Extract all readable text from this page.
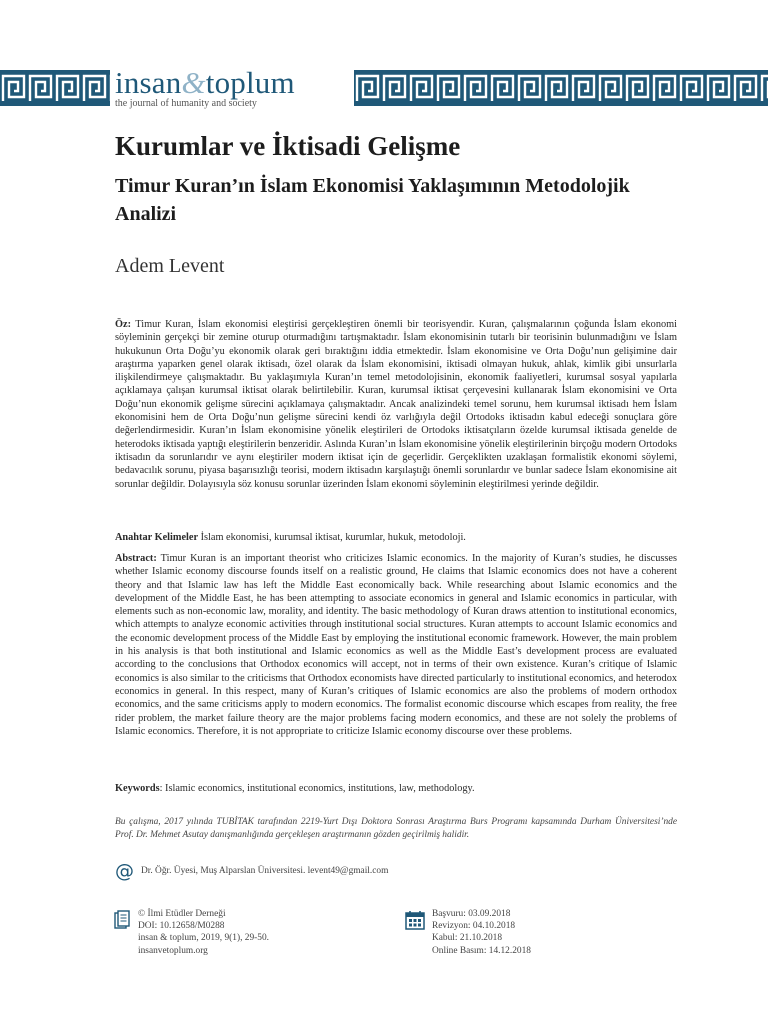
insan&toplum
the journal of humanity and society
Kurumlar ve İktisadi Gelişme
Timur Kuran’ın İslam Ekonomisi Yaklaşımının Metodolojik Analizi
Adem Levent

Öz: Timur Kuran, İslam ekonomisi eleştirisi gerçekleştiren önemli bir teorisyendir. Kuran, çalışmalarının çoğunda İslam ekonomi söyleminin gerçekçi bir zemine oturup oturmadığını tartışmaktadır. İslam ekonomisinin tutarlı bir teorisinin bulunmadığını ve İslam hukukunun Orta Doğu’yu ekonomik olarak geri bıraktığını iddia etmektedir. İslam ekonomisine ve Orta Doğu’nun gelişimine dair araştırma yaparken genel olarak iktisadı, özel olarak da İslam ekonomisini, iktisadi olmayan hukuk, ahlak, kimlik gibi unsurlarla ilişkilendirmeye çalışmaktadır. Bu yaklaşımıyla Kuran’ın temel metodolojisinin, ekonomik faaliyetleri, kurumsal sosyal yapılarla açıklamaya çalışan kurumsal iktisat olarak belirtilebilir. Kuran, kurumsal iktisat çerçevesini kullanarak İslam ekonomisini ve Orta Doğu’nun ekonomik gelişme sürecini açıklamaya çalışmaktadır. Ancak analizindeki temel sorunu, hem kurumsal iktisadı hem İslam ekonomisini hem de Orta Doğu’nun gelişme sürecini kendi öz varlığıyla değil Ortodoks iktisadın kabul edeceği sonuçlara göre değerlendirmesidir. Kuran’ın İslam ekonomisine yönelik eleştirileri de Ortodoks iktisatçıların özelde kurumsal iktisada genelde de heterodoks iktisada yaptığı eleştirilerin benzeridir. Aslında Kuran’ın İslam ekonomisine yönelik eleştirilerinin birçoğu modern Ortodoks iktisadın da sorunlarıdır ve aynı eleştiriler modern iktisat için de geçerlidir. Gerçeklikten uzaklaşan formalistik ekonomi söylemi, bedavacılık sorunu, piyasa başarısızlığı teorisi, modern iktisadın karşılaştığı önemli sorunlardır ve bunlar sadece İslam ekonomisine ait sorunlar değildir. Dolayısıyla söz konusu sorunlar üzerinden İslam ekonomi söyleminin eleştirilmesi yerinde değildir.

Anahtar Kelimeler İslam ekonomisi, kurumsal iktisat, kurumlar, hukuk, metodoloji.

Abstract: Timur Kuran is an important theorist who criticizes Islamic economics. In the majority of Kuran’s studies, he discusses whether Islamic economy discourse founds itself on a realistic ground, He claims that Islamic economics does not have a coherent theory and that Islamic law has left the Middle East economically back. While researching about Islamic economics and the development of the Middle East, he has been attempting to associate economics in general and Islamic economics in particular, with elements such as non-economic law, morality, and identity. The basic methodology of Kuran draws attention to institutional economics, which attempts to analyze economic activities through institutional social structures. Kuran attempts to account Islamic economics and the economic development process of the Middle East by employing the institutional economic framework. However, the main problem in his analysis is that both institutional and Islamic economics as well as the Middle East’s development process are evaluated according to the conclusions that Orthodox economics will accept, not in terms of their own existence. Kuran’s critique of Islamic economics is also similar to the criticisms that Orthodox economists have directed particularly to institutional economics, and heterodox economics in general. In this respect, many of Kuran’s critiques of Islamic economics are also the problems of modern orthodox economics, and the same criticisms apply to modern economics. The formalist economic discourse which escapes from reality, the free rider problem, the market failure theory are the major problems facing modern economics, and these are not solely the problems of Islamic economics. Therefore, it is not appropriate to criticize Islamic economy discourse over these problems.

Keywords: Islamic economics, institutional economics, institutions, law, methodology.

Bu çalışma, 2017 yılında TUBİTAK tarafından 2219-Yurt Dışı Doktora Sonrası Araştırma Burs Programı kapsamında Durham Üniversitesi’nde Prof. Dr. Mehmet Asutay danışmanlığında gerçekleşen araştırmanın gözden geçirilmiş halidir.

@ Dr. Öğr. Üyesi, Muş Alparslan Üniversitesi. levent49@gmail.com
© İlmi Etüdler Derneği
DOI: 10.12658/M0288
insan & toplum, 2019, 9(1), 29-50.
insanvetoplum.org
Başvuru: 03.09.2018
Revizyon: 04.10.2018
Kabul: 21.10.2018
Online Basım: 14.12.2018
